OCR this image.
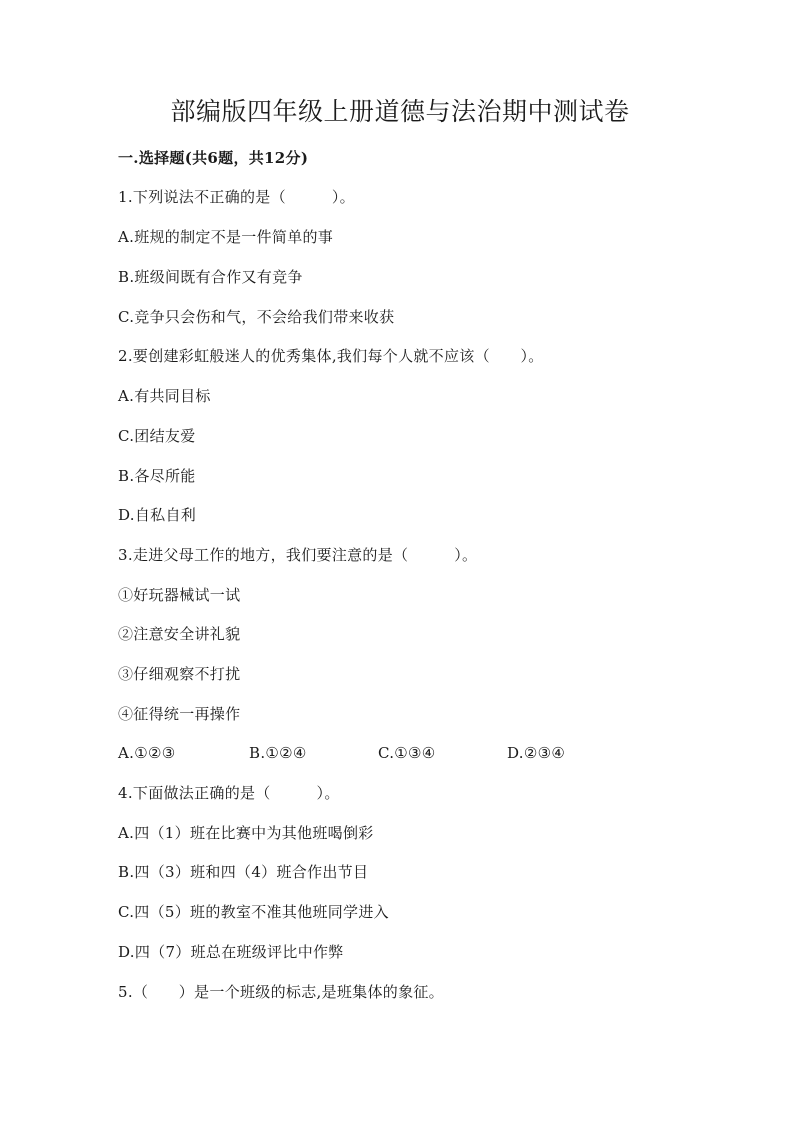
部编版四年级上册道德与法治期中测试卷
一.选择题(共6题，共12分)
1.下列说法不正确的是（　　　）。
A.班规的制定不是一件简单的事
B.班级间既有合作又有竞争
C.竞争只会伤和气，不会给我们带来收获
2.要创建彩虹般迷人的优秀集体,我们每个人就不应该（　　）。
A.有共同目标
C.团结友爱
B.各尽所能
D.自私自利
3.走进父母工作的地方，我们要注意的是（　　　）。
①好玩器械试一试
②注意安全讲礼貌
③仔细观察不打扰
④征得统一再操作
A.①②③	B.①②④	C.①③④	D.②③④
4.下面做法正确的是（　　　）。
A.四（1）班在比赛中为其他班喝倒彩
B.四（3）班和四（4）班合作出节目
C.四（5）班的教室不准其他班同学进入
D.四（7）班总在班级评比中作弊
5.（　　）是一个班级的标志,是班集体的象征。
